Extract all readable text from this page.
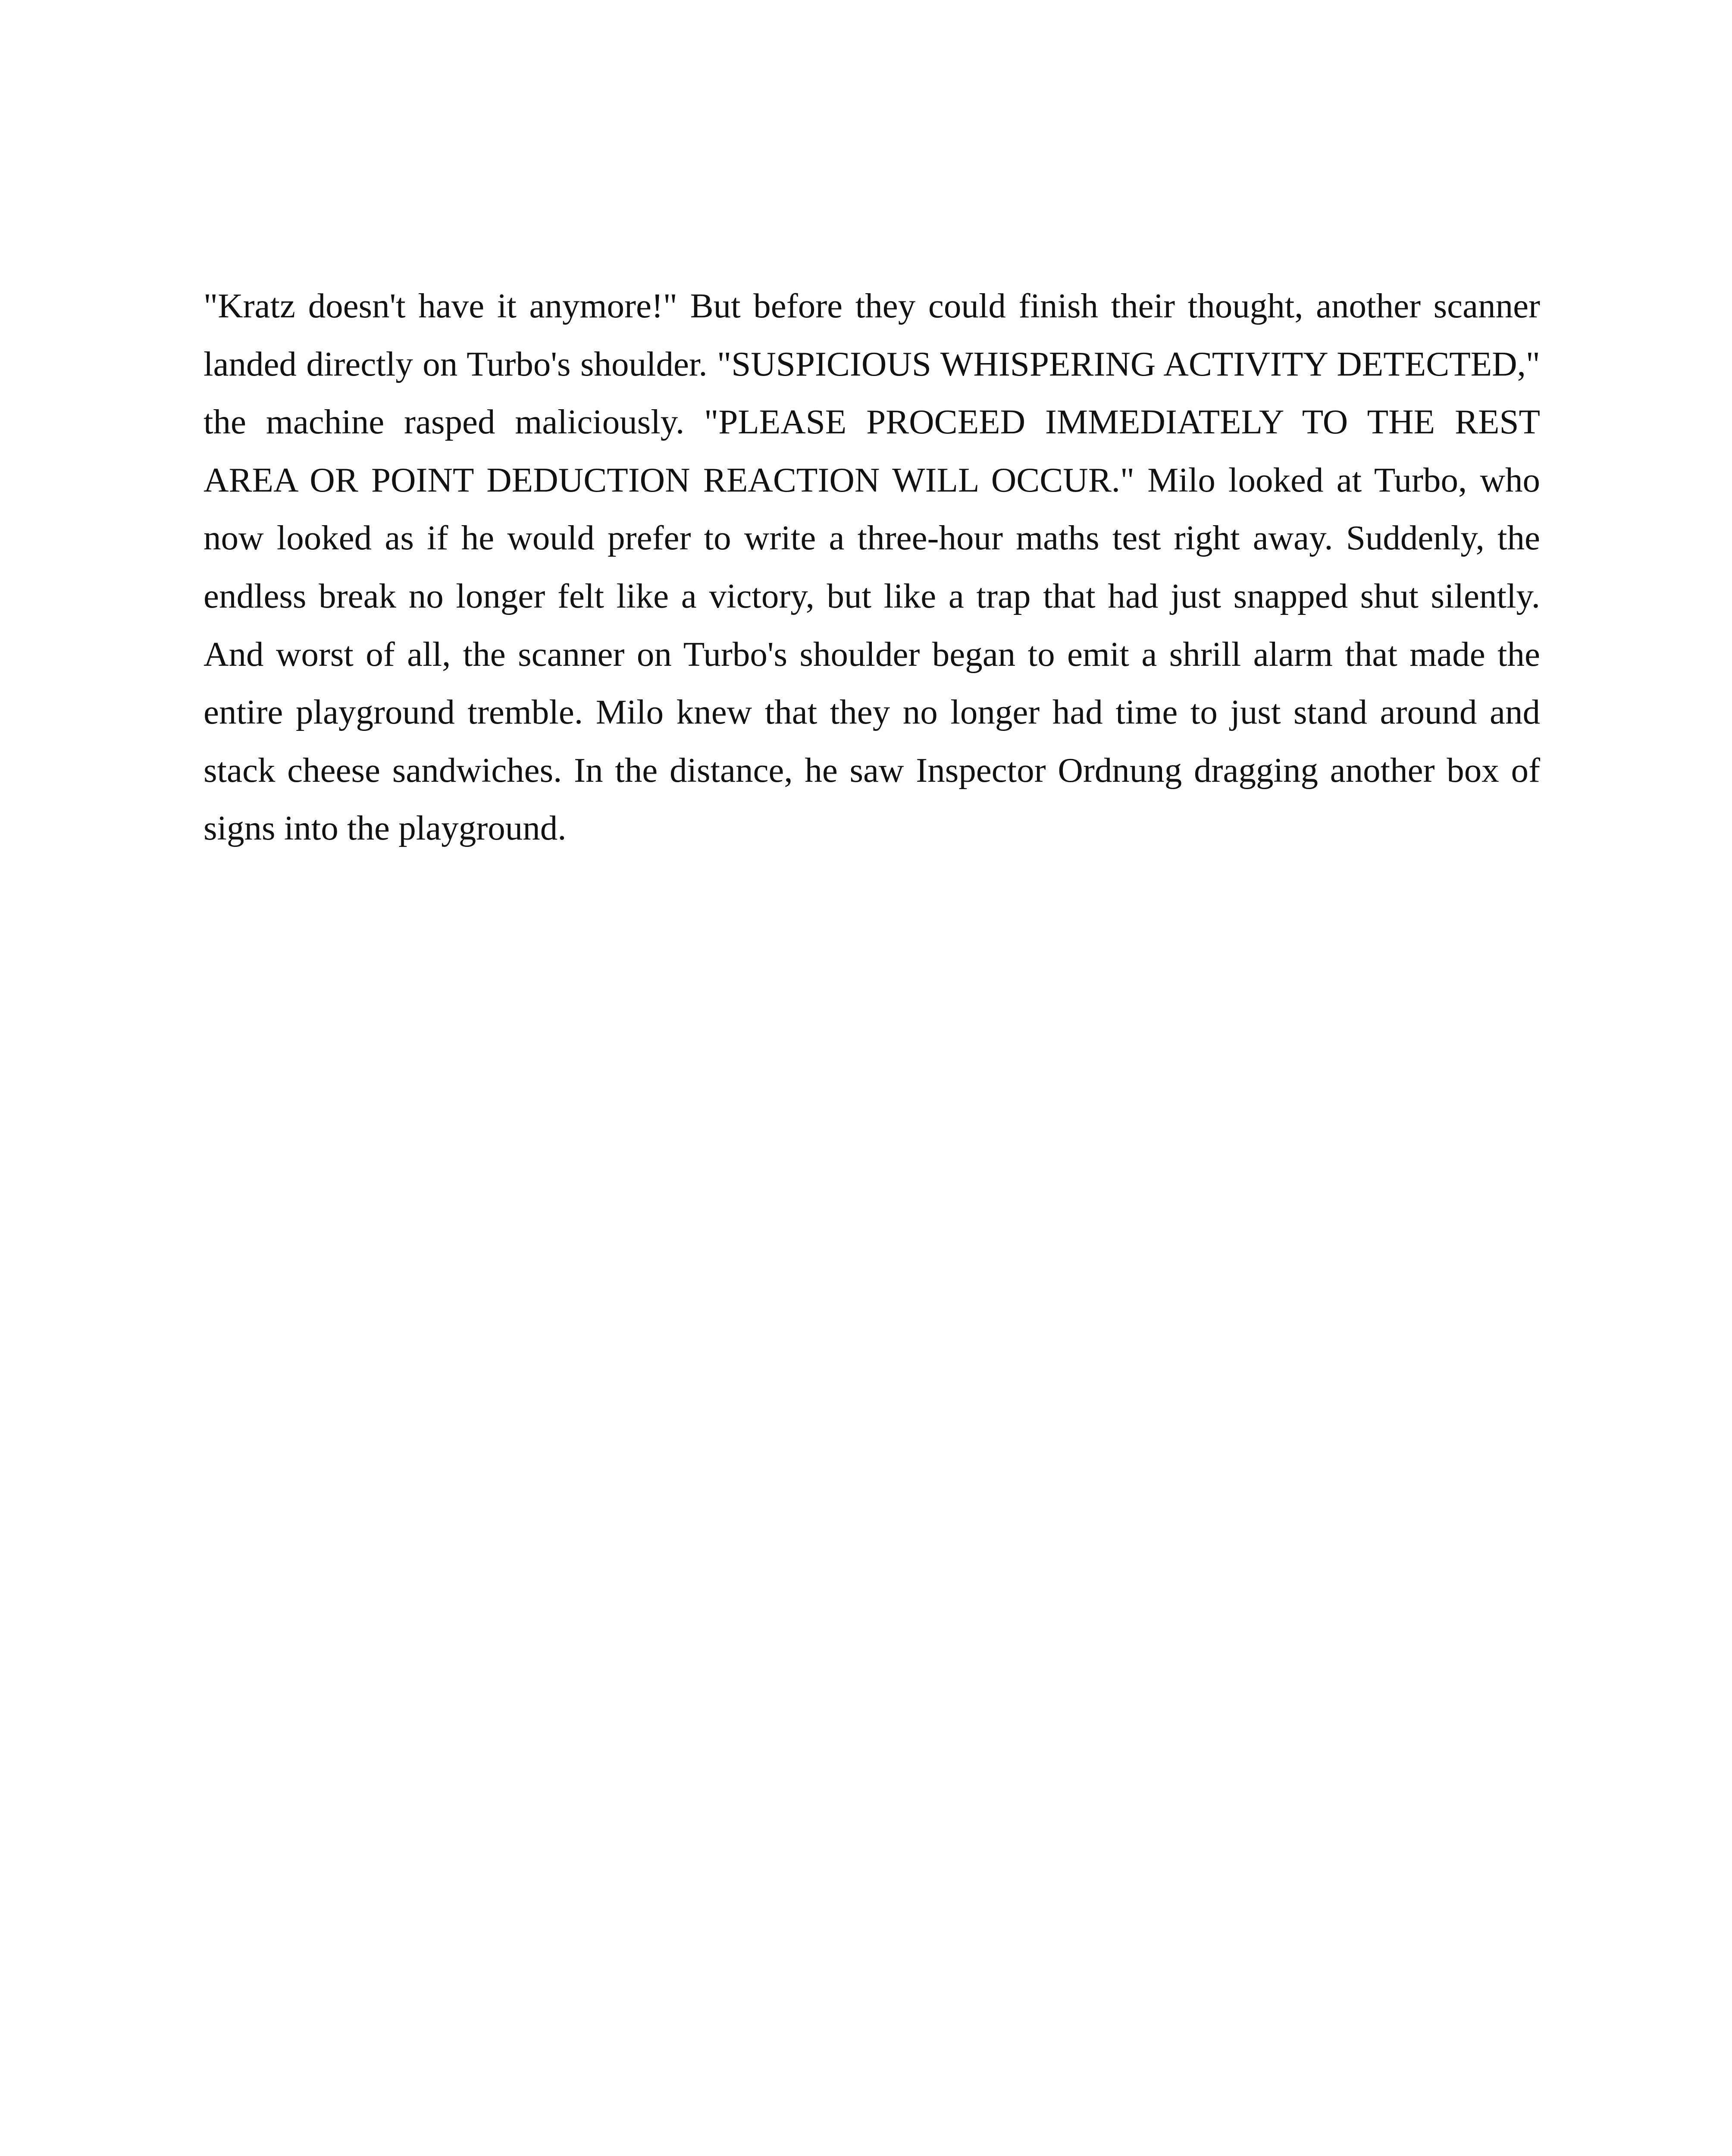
"Kratz doesn't have it anymore!" But before they could finish their thought, another scanner landed directly on Turbo's shoulder. "SUSPICIOUS WHISPERING ACTIVITY DETECTED," the machine rasped maliciously. "PLEASE PROCEED IMMEDIATELY TO THE REST AREA OR POINT DEDUCTION REACTION WILL OCCUR." Milo looked at Turbo, who now looked as if he would prefer to write a three-hour maths test right away. Suddenly, the endless break no longer felt like a victory, but like a trap that had just snapped shut silently. And worst of all, the scanner on Turbo's shoulder began to emit a shrill alarm that made the entire playground tremble. Milo knew that they no longer had time to just stand around and stack cheese sandwiches. In the distance, he saw Inspector Ordnung dragging another box of signs into the playground.
